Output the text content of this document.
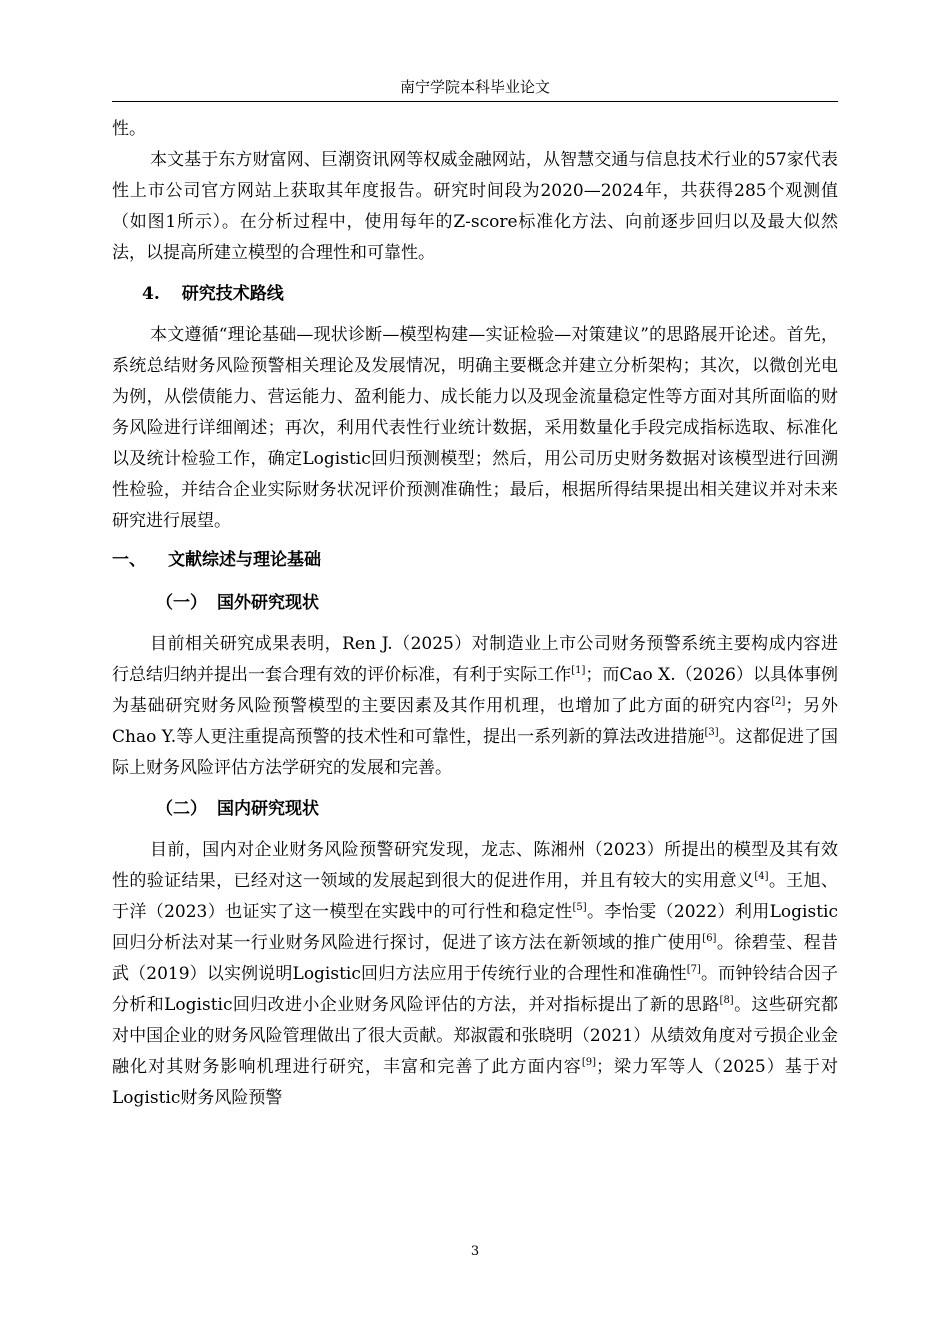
南宁学院本科毕业论文

性。

本文基于东方财富网、巨潮资讯网等权威金融网站，从智慧交通与信息技术行业的57家代表性上市公司官方网站上获取其年度报告。研究时间段为2020—2024年，共获得285个观测值（如图1所示）。在分析过程中，使用每年的Z-score标准化方法、向前逐步回归以及最大似然法，以提高所建立模型的合理性和可靠性。

4. 研究技术路线

本文遵循“理论基础—现状诊断—模型构建—实证检验—对策建议”的思路展开论述。首先，系统总结财务风险预警相关理论及发展情况，明确主要概念并建立分析架构；其次，以微创光电为例，从偿债能力、营运能力、盈利能力、成长能力以及现金流量稳定性等方面对其所面临的财务风险进行详细阐述；再次，利用代表性行业统计数据，采用数量化手段完成指标选取、标准化以及统计检验工作，确定Logistic回归预测模型；然后，用公司历史财务数据对该模型进行回溯性检验，并结合企业实际财务状况评价预测准确性；最后，根据所得结果提出相关建议并对未来研究进行展望。

一、 文献综述与理论基础
（一） 国外研究现状

目前相关研究成果表明，Ren J.（2025）对制造业上市公司财务预警系统主要构成内容进行总结归纳并提出一套合理有效的评价标准，有利于实际工作[1]；而Cao X.（2026）以具体事例为基础研究财务风险预警模型的主要因素及其作用机理，也增加了此方面的研究内容[2]；另外Chao Y.等人更注重提高预警的技术性和可靠性，提出一系列新的算法改进措施[3]。这都促进了国际上财务风险评估方法学研究的发展和完善。

（二） 国内研究现状

目前，国内对企业财务风险预警研究发现，龙志、陈湘州（2023）所提出的模型及其有效性的验证结果，已经对这一领域的发展起到很大的促进作用，并且有较大的实用意义[4]。王旭、于洋（2023）也证实了这一模型在实践中的可行性和稳定性[5]。李怡雯（2022）利用Logistic回归分析法对某一行业财务风险进行探讨，促进了该方法在新领域的推广使用[6]。徐碧莹、程昔武（2019）以实例说明Logistic回归方法应用于传统行业的合理性和准确性[7]。而钟铃结合因子分析和Logistic回归改进小企业财务风险评估的方法，并对指标提出了新的思路[8]。这些研究都对中国企业的财务风险管理做出了很大贡献。郑淑霞和张晓明（2021）从绩效角度对亏损企业金融化对其财务影响机理进行研究，丰富和完善了此方面内容[9]；梁力军等人（2025）基于对Logistic财务风险预警

3
